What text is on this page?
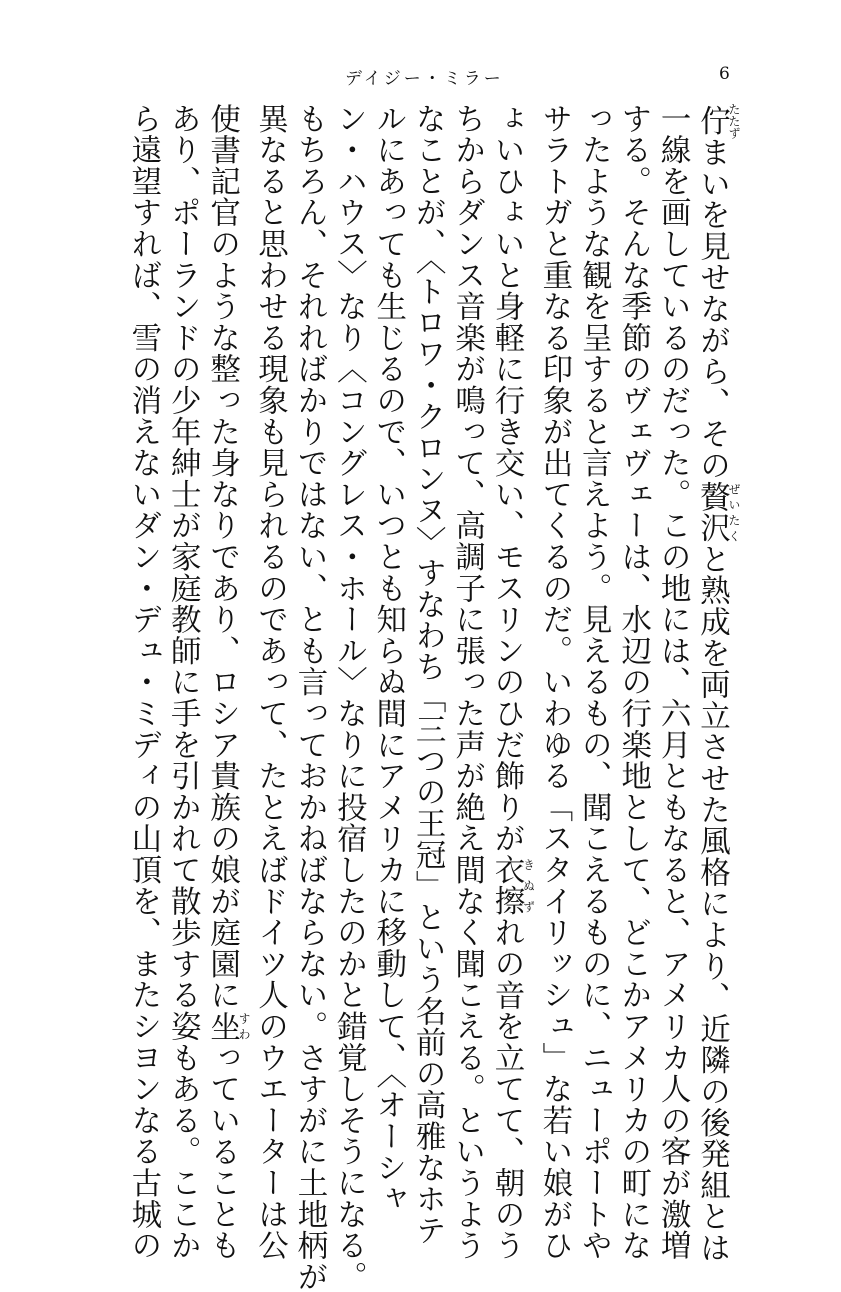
デイジー・ミラー	6
佇たたずまいを見せながら、その贅沢ぜいたくと熟成を両立させた風格により、近隣の後発組とは
一線を画しているのだった。この地には、六月ともなると、アメリカ人の客が激増
する。そんな季節のヴェヴェーは、水辺の行楽地として、どこかアメリカの町にな
ったような観を呈すると言えよう。見えるもの、聞こえるものに、ニューポートや
サラトガと重なる印象が出てくるのだ。いわゆる「スタイリッシュ」な若い娘がひ
ょいひょいと身軽に行き交い、モスリンのひだ飾りが衣擦きぬずれの音を立てて、朝のう
ちからダンス音楽が鳴って、高調子に張った声が絶え間なく聞こえる。というよう
なことが、〈トロワ・クロンヌ〉すなわち「三つの王冠」という名前の高雅なホテ
ルにあっても生じるので、いつとも知らぬ間にアメリカに移動して、〈オーシャ
ン・ハウス〉なり〈コングレス・ホール〉なりに投宿したのかと錯覚しそうになる。
もちろん、それればかりではない、とも言っておかねばならない。さすがに土地柄が
異なると思わせる現象も見られるのであって、たとえばドイツ人のウエーターは公
使書記官のような整った身なりであり、ロシア貴族の娘が庭園に坐すわっていることも
あり、ポーランドの少年紳士が家庭教師に手を引かれて散歩する姿もある。ここか
ら遠望すれば、雪の消えないダン・デュ・ミディの山頂を、またシヨンなる古城の
